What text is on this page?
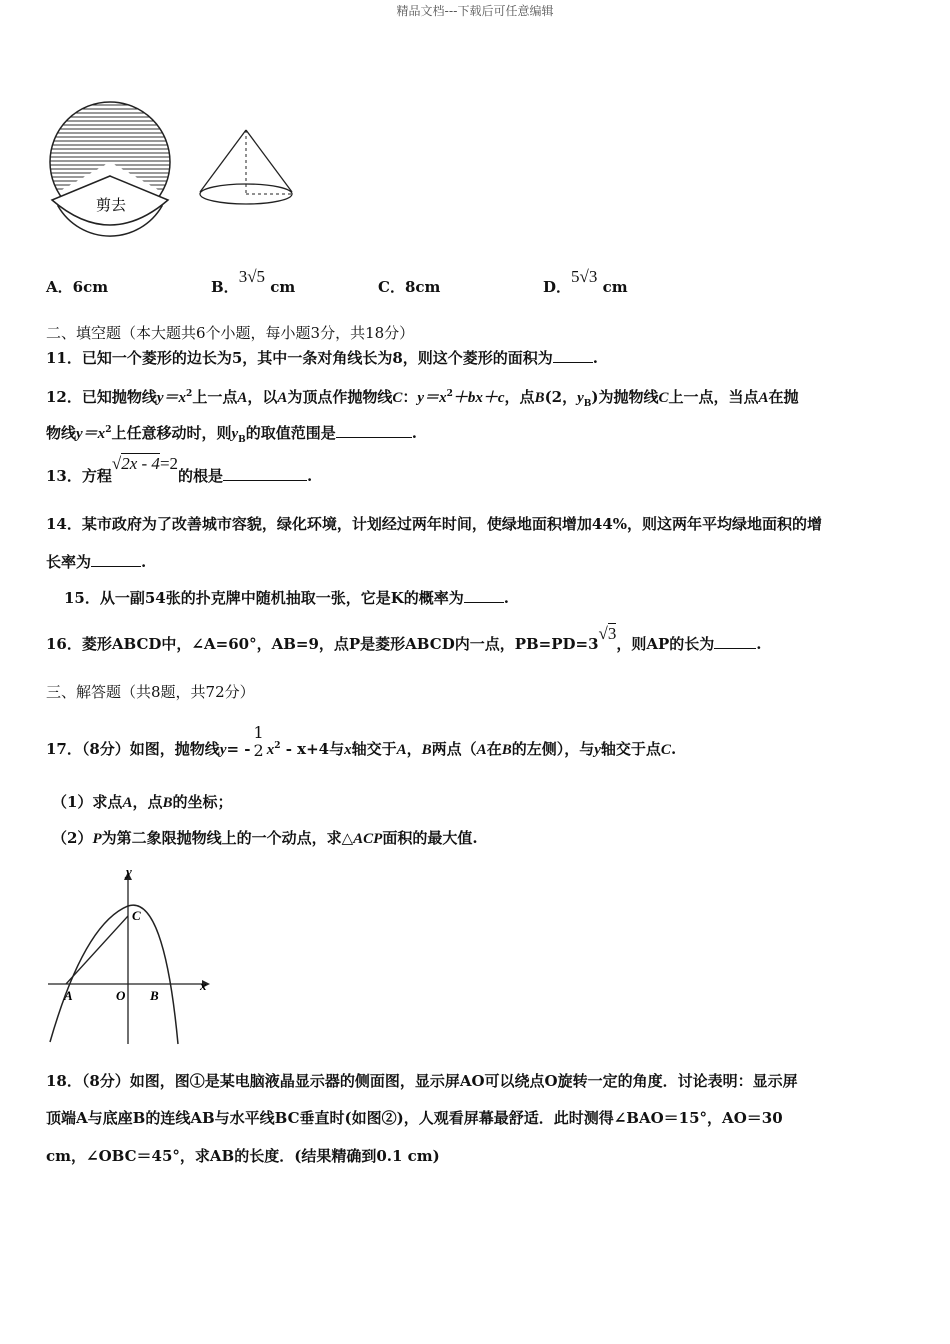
精品文档---下载后可任意编辑
剪去
A．6cm	B．3√5 cm	C．8cm	D．5√3 cm
二、填空题（本大题共6个小题，每小题3分，共18分）
11．已知一个菱形的边长为5，其中一条对角线长为8，则这个菱形的面积为	.
12．已知抛物线$y=x^2$上一点A，以A为顶点作抛物线C：$y=x^2+bx+c$，点B(2，$y_B$)为抛物线C上一点，当点A在抛
物线$y=x^2$上任意移动时，则$y_B$的取值范围是	.
13．方程√2x - 4=2的根是	.
14．某市政府为了改善城市容貌，绿化环境，计划经过两年时间，使绿地面积增加44%，则这两年平均绿地面积的增
长率为	.
15．从一副54张的扑克牌中随机抽取一张，它是K的概率为	.
16．菱形ABCD中，∠A=60°，AB=9，点P是菱形ABCD内一点，PB=PD=3√3，则AP的长为	.
三、解答题（共8题，共72分）
17．（8分）如图，抛物线y= -
1
2 $x^2 - x+4$与x轴交于A，B两点（A在B的左侧），与y轴交于点C.
（1）求点A，点B的坐标；
（2）P为第二象限抛物线上的一个动点，求△ACP面积的最大值.
y
x
C
A	O B
18．（8分）如图，图①是某电脑液晶显示器的侧面图，显示屏AO可以绕点O旋转一定的角度．讨论表明：显示屏
顶端A与底座B的连线AB与水平线BC垂直时(如图②)，人观看屏幕最舒适．此时测得∠BAO＝15°，AO＝30
cm，∠OBC＝45°，求AB的长度．(结果精确到0.1 cm)
